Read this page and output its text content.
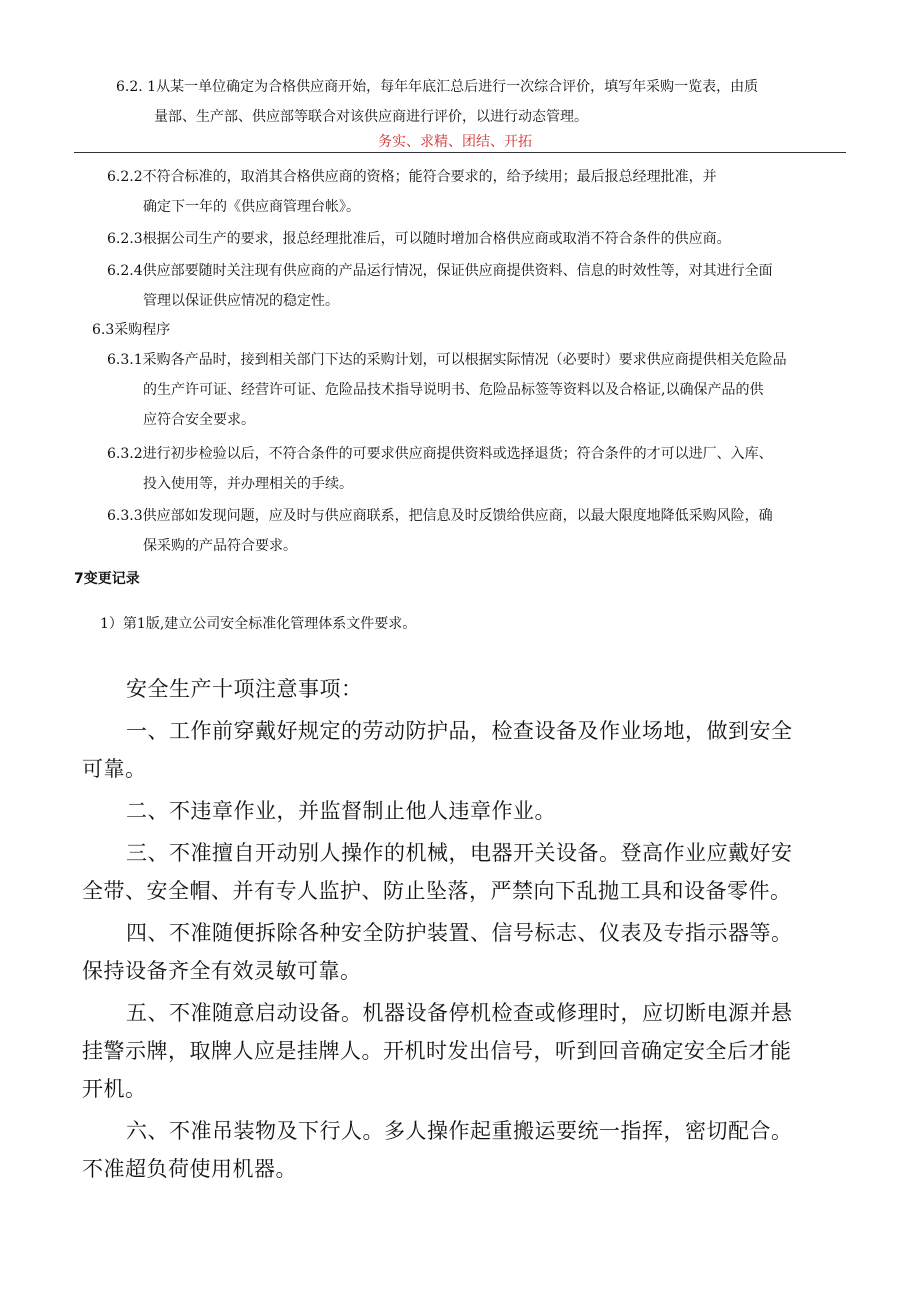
6.2. 1从某一单位确定为合格供应商开始，每年年底汇总后进行一次综合评价，填写年采购一览表，由质
量部、生产部、供应部等联合对该供应商进行评价，以进行动态管理。
务实、求精、团结、开拓
6.2.2不符合标准的，取消其合格供应商的资格；能符合要求的，给予续用；最后报总经理批准，并
确定下一年的《供应商管理台帐》。
6.2.3根据公司生产的要求，报总经理批准后，可以随时增加合格供应商或取消不符合条件的供应商。
6.2.4供应部要随时关注现有供应商的产品运行情况，保证供应商提供资料、信息的时效性等，对其进行全面
管理以保证供应情况的稳定性。
6.3采购程序
6.3.1采购各产品时，接到相关部门下达的采购计划，可以根据实际情况（必要时）要求供应商提供相关危险品
的生产许可证、经营许可证、危险品技术指导说明书、危险品标签等资料以及合格证,以确保产品的供
应符合安全要求。
6.3.2进行初步检验以后，不符合条件的可要求供应商提供资料或选择退货；符合条件的才可以进厂、入库、
投入使用等，并办理相关的手续。
6.3.3供应部如发现问题，应及时与供应商联系，把信息及时反馈给供应商，以最大限度地降低采购风险，确
保采购的产品符合要求。
7变更记录
1）第1版,建立公司安全标准化管理体系文件要求。

安全生产十项注意事项：

一、工作前穿戴好规定的劳动防护品，检查设备及作业场地，做到安全
可靠。

二、不违章作业，并监督制止他人违章作业。

三、不准擅自开动别人操作的机械，电器开关设备。登高作业应戴好安
全带、安全帽、并有专人监护、防止坠落，严禁向下乱抛工具和设备零件。

四、不准随便拆除各种安全防护装置、信号标志、仪表及专指示器等。
保持设备齐全有效灵敏可靠。

五、不准随意启动设备。机器设备停机检查或修理时，应切断电源并悬
挂警示牌，取牌人应是挂牌人。开机时发出信号，听到回音确定安全后才能
开机。

六、不准吊装物及下行人。多人操作起重搬运要统一指挥，密切配合。
不准超负荷使用机器。
